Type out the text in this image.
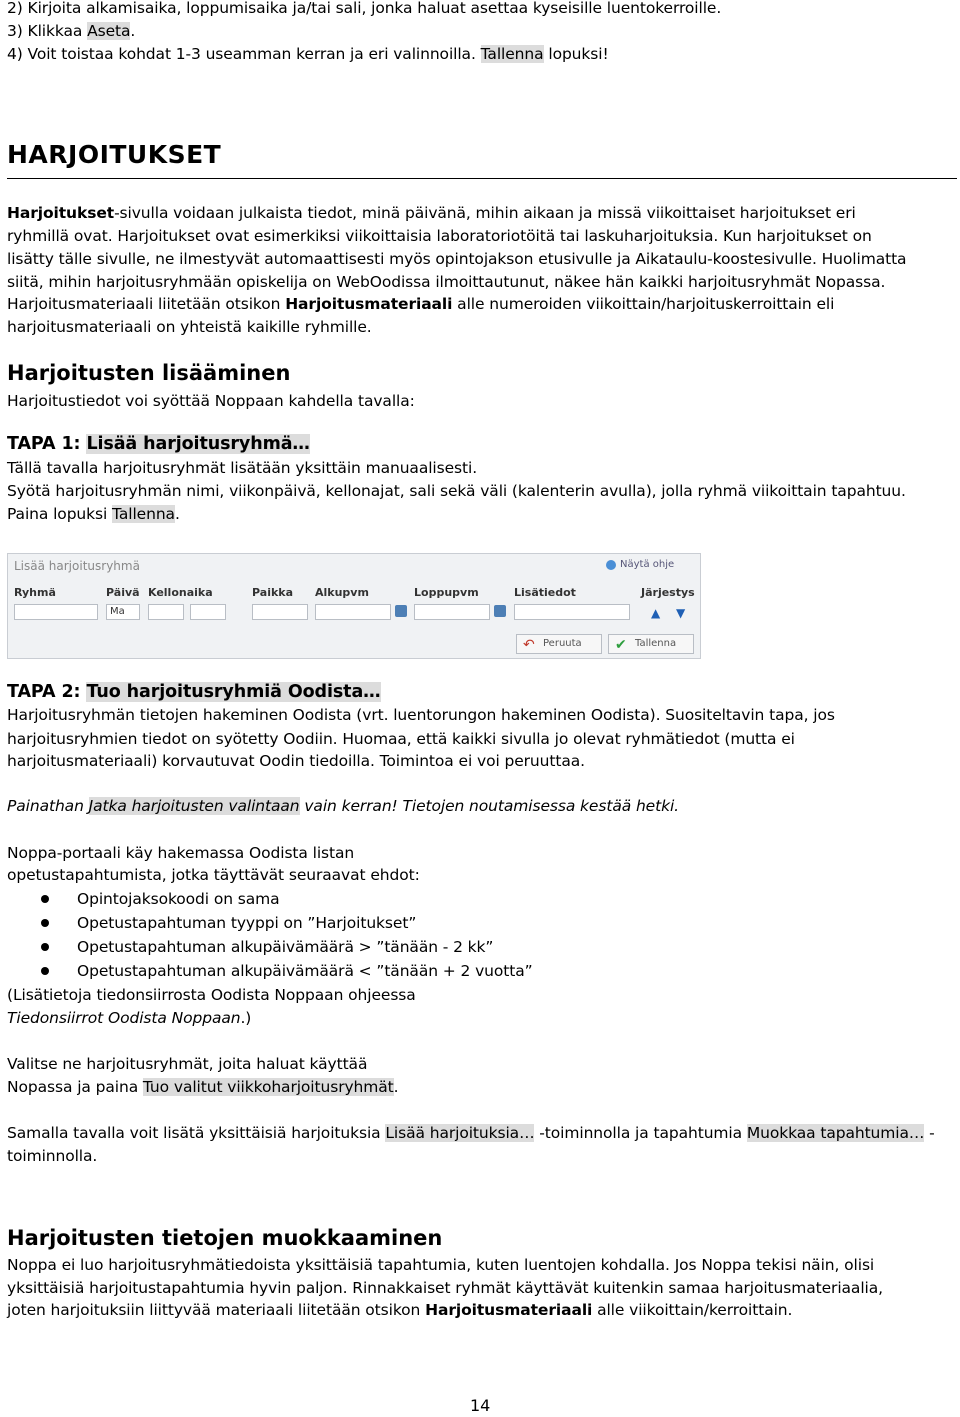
2) Kirjoita alkamisaika, loppumisaika ja/tai sali, jonka haluat asettaa kyseisille luentokerroille.
3) Klikkaa Aseta.
4) Voit toistaa kohdat 1-3 useamman kerran ja eri valinnoilla. Tallenna lopuksi!
HARJOITUKSET
Harjoitukset-sivulla voidaan julkaista tiedot, minä päivänä, mihin aikaan ja missä viikoittaiset harjoitukset eri
ryhmillä ovat. Harjoitukset ovat esimerkiksi viikoittaisia laboratoriotöitä tai laskuharjoituksia. Kun harjoitukset on
lisätty tälle sivulle, ne ilmestyvät automaattisesti myös opintojakson etusivulle ja Aikataulu-koostesivulle. Huolimatta
siitä, mihin harjoitusryhmään opiskelija on WebOodissa ilmoittautunut, näkee hän kaikki harjoitusryhmät Nopassa.
Harjoitusmateriaali liitetään otsikon Harjoitusmateriaali alle numeroiden viikoittain/harjoituskerroittain eli
harjoitusmateriaali on yhteistä kaikille ryhmille.
Harjoitusten lisääminen
Harjoitustiedot voi syöttää Noppaan kahdella tavalla:
TAPA 1: Lisää harjoitusryhmä…
Tällä tavalla harjoitusryhmät lisätään yksittäin manuaalisesti.
Syötä harjoitusryhmän nimi, viikonpäivä, kellonajat, sali sekä väli (kalenterin avulla), jolla ryhmä viikoittain tapahtuu.
Paina lopuksi Tallenna.
TAPA 2: Tuo harjoitusryhmiä Oodista…
Harjoitusryhmän tietojen hakeminen Oodista (vrt. luentorungon hakeminen Oodista). Suositeltavin tapa, jos
harjoitusryhmien tiedot on syötetty Oodiin. Huomaa, että kaikki sivulla jo olevat ryhmätiedot (mutta ei
harjoitusmateriaali) korvautuvat Oodin tiedoilla. Toimintoa ei voi peruuttaa.
Painathan Jatka harjoitusten valintaan vain kerran! Tietojen noutamisessa kestää hetki.
Noppa-portaali käy hakemassa Oodista listan
opetustapahtumista, jotka täyttävät seuraavat ehdot:
Opintojaksokoodi on sama
Opetustapahtuman tyyppi on ”Harjoitukset”
Opetustapahtuman alkupäivämäärä > ”tänään - 2 kk”
Opetustapahtuman alkupäivämäärä < ”tänään + 2 vuotta”
(Lisätietoja tiedonsiirrosta Oodista Noppaan ohjeessa
Tiedonsiirrot Oodista Noppaan.)
Valitse ne harjoitusryhmät, joita haluat käyttää
Nopassa ja paina Tuo valitut viikkoharjoitusryhmät.
Samalla tavalla voit lisätä yksittäisiä harjoituksia Lisää harjoituksia… -toiminnolla ja tapahtumia Muokkaa tapahtumia… -
toiminnolla.
Harjoitusten tietojen muokkaaminen
Noppa ei luo harjoitusryhmätiedoista yksittäisiä tapahtumia, kuten luentojen kohdalla. Jos Noppa tekisi näin, olisi
yksittäisiä harjoitustapahtumia hyvin paljon. Rinnakkaiset ryhmät käyttävät kuitenkin samaa harjoitusmateriaalia,
joten harjoituksiin liittyvää materiaali liitetään otsikon Harjoitusmateriaali alle viikoittain/kerroittain.
Lisää harjoitusryhmä	Näytä ohje
Ryhmä	Päivä Kellonaika	Paikka Alkupvm	Loppupvm	Lisätiedot	Järjestys
Ma	▲ ▼
↶ Peruuta	✔ Tallenna
14
